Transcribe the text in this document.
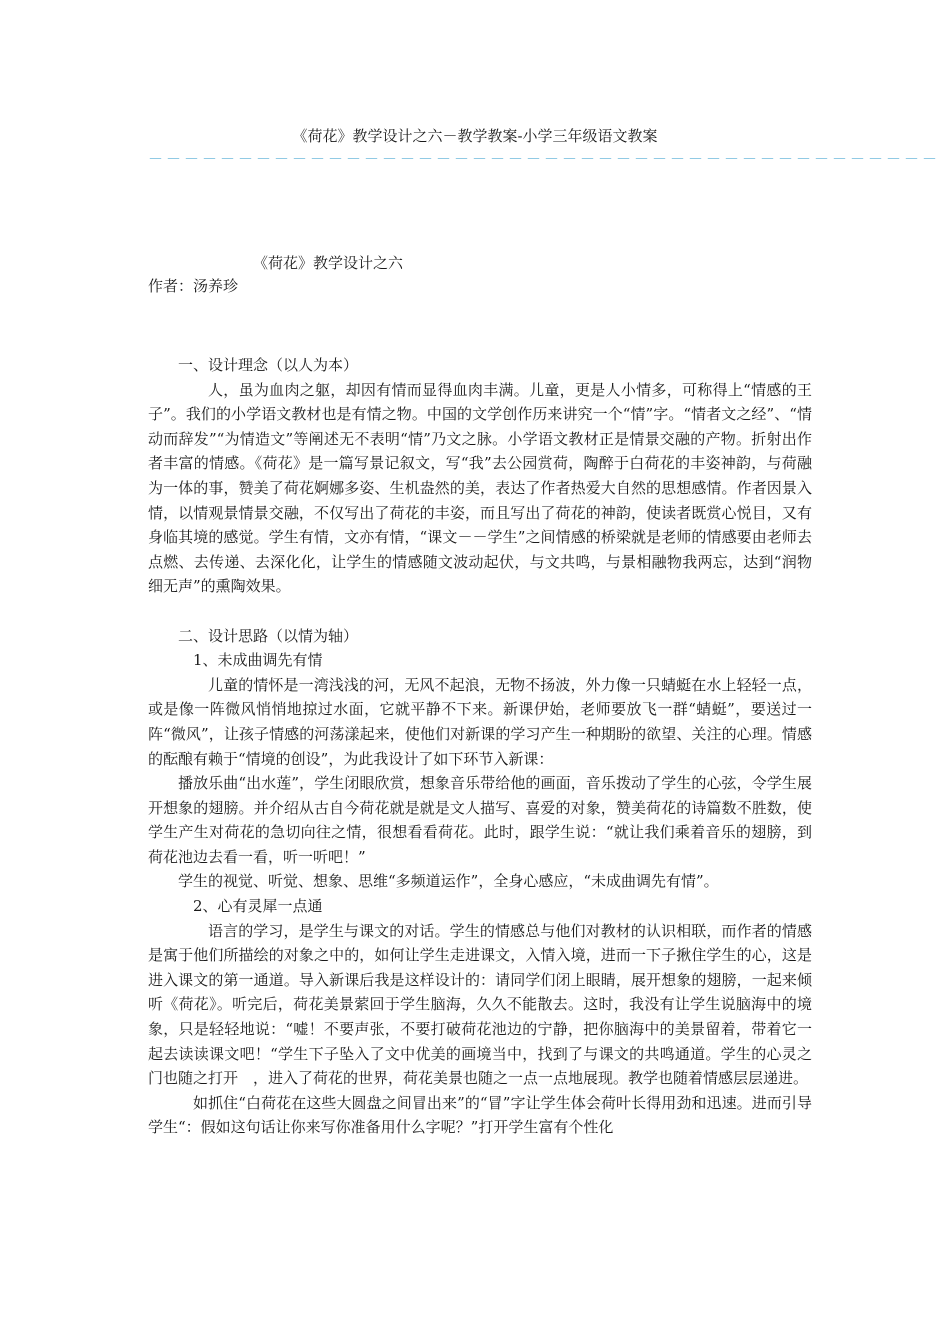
《荷花》教学设计之六－教学教案-小学三年级语文教案
－－－－－－－－－－－－－－－－－－－－－－－－－－－－－－－－－－－－－－－－－－－－
《荷花》教学设计之六
作者：汤养珍

一、设计理念（以人为本）

人，虽为血肉之躯，却因有情而显得血肉丰满。儿童，更是人小情多，可称得上“情感的王子”。我们的小学语文教材也是有情之物。中国的文学创作历来讲究一个“情”字。“情者文之经”、“情动而辞发”“为情造文”等阐述无不表明“情”乃文之脉。小学语文教材正是情景交融的产物。折射出作者丰富的情感。《荷花》是一篇写景记叙文，写“我”去公园赏荷，陶醉于白荷花的丰姿神韵，与荷融为一体的事，赞美了荷花婀娜多姿、生机盎然的美，表达了作者热爱大自然的思想感情。作者因景入情，以情观景情景交融，不仅写出了荷花的丰姿，而且写出了荷花的神韵，使读者既赏心悦目，又有身临其境的感觉。学生有情，文亦有情，“课文－－学生”之间情感的桥梁就是老师的情感要由老师去点燃、去传递、去深化化，让学生的情感随文波动起伏，与文共鸣，与景相融物我两忘，达到“润物细无声”的熏陶效果。

二、设计思路（以情为轴）

1、未成曲调先有情

儿童的情怀是一湾浅浅的河，无风不起浪，无物不扬波，外力像一只蜻蜓在水上轻轻一点，或是像一阵微风悄悄地掠过水面，它就平静不下来。新课伊始，老师要放飞一群“蜻蜓”，要送过一阵“微风”，让孩子情感的河荡漾起来，使他们对新课的学习产生一种期盼的欲望、关注的心理。情感的酝酿有赖于“情境的创设”，为此我设计了如下环节入新课：

播放乐曲“出水莲”，学生闭眼欣赏，想象音乐带给他的画面，音乐拨动了学生的心弦，令学生展开想象的翅膀。并介绍从古自今荷花就是就是文人描写、喜爱的对象，赞美荷花的诗篇数不胜数，使学生产生对荷花的急切向往之情，很想看看荷花。此时，跟学生说：“就让我们乘着音乐的翅膀，到荷花池边去看一看，听一听吧！”

学生的视觉、听觉、想象、思维“多频道运作”，全身心感应，“未成曲调先有情”。

2、心有灵犀一点通

语言的学习，是学生与课文的对话。学生的情感总与他们对教材的认识相联，而作者的情感是寓于他们所描绘的对象之中的，如何让学生走进课文，入情入境，进而一下子揪住学生的心，这是进入课文的第一通道。导入新课后我是这样设计的：请同学们闭上眼睛，展开想象的翅膀，一起来倾听《荷花》。听完后，荷花美景萦回于学生脑海，久久不能散去。这时，我没有让学生说脑海中的境象，只是轻轻地说：“嘘！不要声张，不要打破荷花池边的宁静，把你脑海中的美景留着，带着它一起去读读课文吧！“学生下子坠入了文中优美的画境当中，找到了与课文的共鸣通道。学生的心灵之门也随之打开　，进入了荷花的世界，荷花美景也随之一点一点地展现。教学也随着情感层层递进。

如抓住“白荷花在这些大圆盘之间冒出来”的“冒”字让学生体会荷叶长得用劲和迅速。进而引导学生“：假如这句话让你来写你准备用什么字呢？”打开学生富有个性化
